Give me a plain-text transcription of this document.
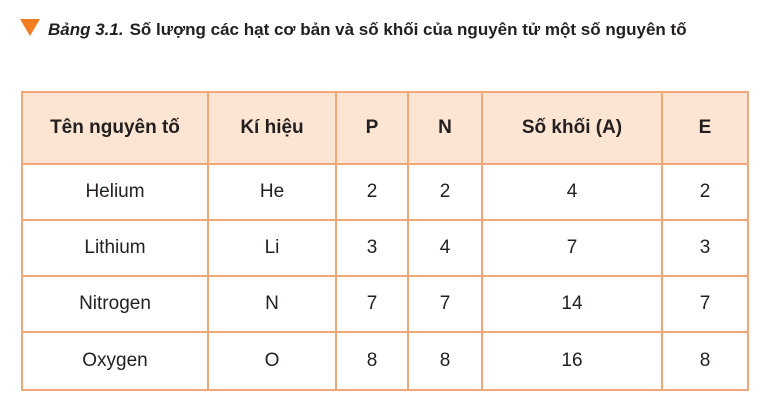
Bảng 3.1. Số lượng các hạt cơ bản và số khối của nguyên tử một số nguyên tố
Tên nguyên tố	Kí hiệu	P	N	Số khối (A)	E
Helium	He	2	2	4	2
Lithium	Li	3	4	7	3
Nitrogen	N	7	7	14	7
Oxygen	O	8	8	16	8
